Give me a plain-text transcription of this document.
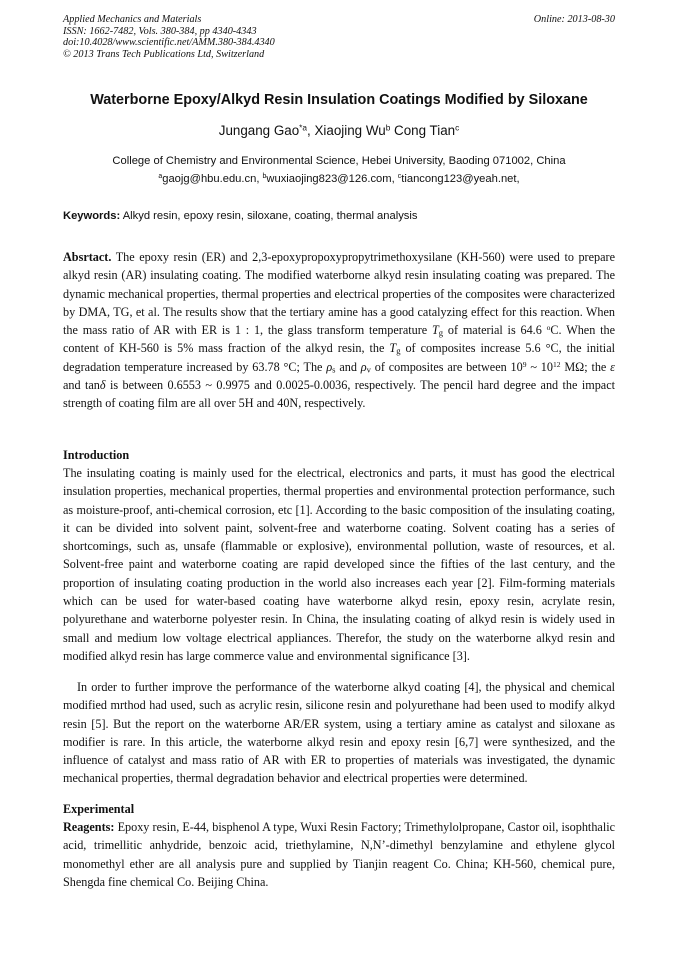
Applied Mechanics and Materials
ISSN: 1662-7482, Vols. 380-384, pp 4340-4343
doi:10.4028/www.scientific.net/AMM.380-384.4340
© 2013 Trans Tech Publications Ltd, Switzerland
Online: 2013-08-30
Waterborne Epoxy/Alkyd Resin Insulation Coatings Modified by Siloxane
Jungang Gao$^{*a}$, Xiaojing Wu$^b$ Cong Tian$^c$
College of Chemistry and Environmental Science, Hebei University, Baoding 071002, China
$^a$gaojg@hbu.edu.cn, $^b$wuxiaojing823@126.com, $^c$tiancong123@yeah.net,
Keywords: Alkyd resin, epoxy resin, siloxane, coating, thermal analysis
Absrtact. The epoxy resin (ER) and 2,3-epoxypropoxypropytrimethoxysilane (KH-560) were used to prepare alkyd resin (AR) insulating coating. The modified waterborne alkyd resin insulating coating was prepared. The dynamic mechanical properties, thermal properties and electrical properties of the composites were characterized by DMA, TG, et al. The results show that the tertiary amine has a good catalyzing effect for this reaction. When the mass ratio of AR with ER is 1 : 1, the glass transform temperature $T_g$ of material is 64.6 $^o$C. When the content of KH-560 is 5% mass fraction of the alkyd resin, the $T_g$ of composites increase 5.6 °C, the initial degradation temperature increased by 63.78 °C; The $\rho_s$ and $\rho_v$ of composites are between $10^9$ ~ $10^{12}$ MΩ; the ε and tanδ is between 0.6553 ~ 0.9975 and 0.0025-0.0036, respectively. The pencil hard degree and the impact strength of coating film are all over 5H and 40N, respectively.
Introduction
The insulating coating is mainly used for the electrical, electronics and parts, it must has good the electrical insulation properties, mechanical properties, thermal properties and environmental protection performance, such as moisture-proof, anti-chemical corrosion, etc [1]. According to the basic composition of the insulating coating, it can be divided into solvent paint, solvent-free and waterborne coating. Solvent coating has a series of shortcomings, such as, unsafe (flammable or explosive), environmental pollution, waste of resources, et al. Solvent-free paint and waterborne coating are rapid developed since the fifties of the last century, and the proportion of insulating coating production in the world also increases each year [2]. Film-forming materials which can be used for water-based coating have waterborne alkyd resin, epoxy resin, acrylate resin, polyurethane and waterborne polyester resin. In China, the insulating coating of alkyd resin is widely used in small and medium low voltage electrical appliances. Therefor, the study on the waterborne alkyd resin and modified alkyd resin has large commerce value and environmental significance [3].
In order to further improve the performance of the waterborne alkyd coating [4], the physical and chemical modified mrthod had used, such as acrylic resin, silicone resin and polyurethane had been used to modify alkyd resin [5]. But the report on the waterborne AR/ER system, using a tertiary amine as catalyst and siloxane as modifier is rare. In this article, the waterborne alkyd resin and epoxy resin [6,7] were synthesized, and the influence of catalyst and mass ratio of AR with ER to properties of materials was investigated, the dynamic mechanical properties, thermal degradation behavior and electrical properties were determined.
Experimental
Reagents: Epoxy resin, E-44, bisphenol A type, Wuxi Resin Factory; Trimethylolpropane, Castor oil, isophthalic acid, trimellitic anhydride, benzoic acid, triethylamine, N,N’-dimethyl benzylamine and ethylene glycol monomethyl ether are all analysis pure and supplied by Tianjin reagent Co. China; KH-560, chemical pure, Shengda fine chemical Co. Beijing China.
